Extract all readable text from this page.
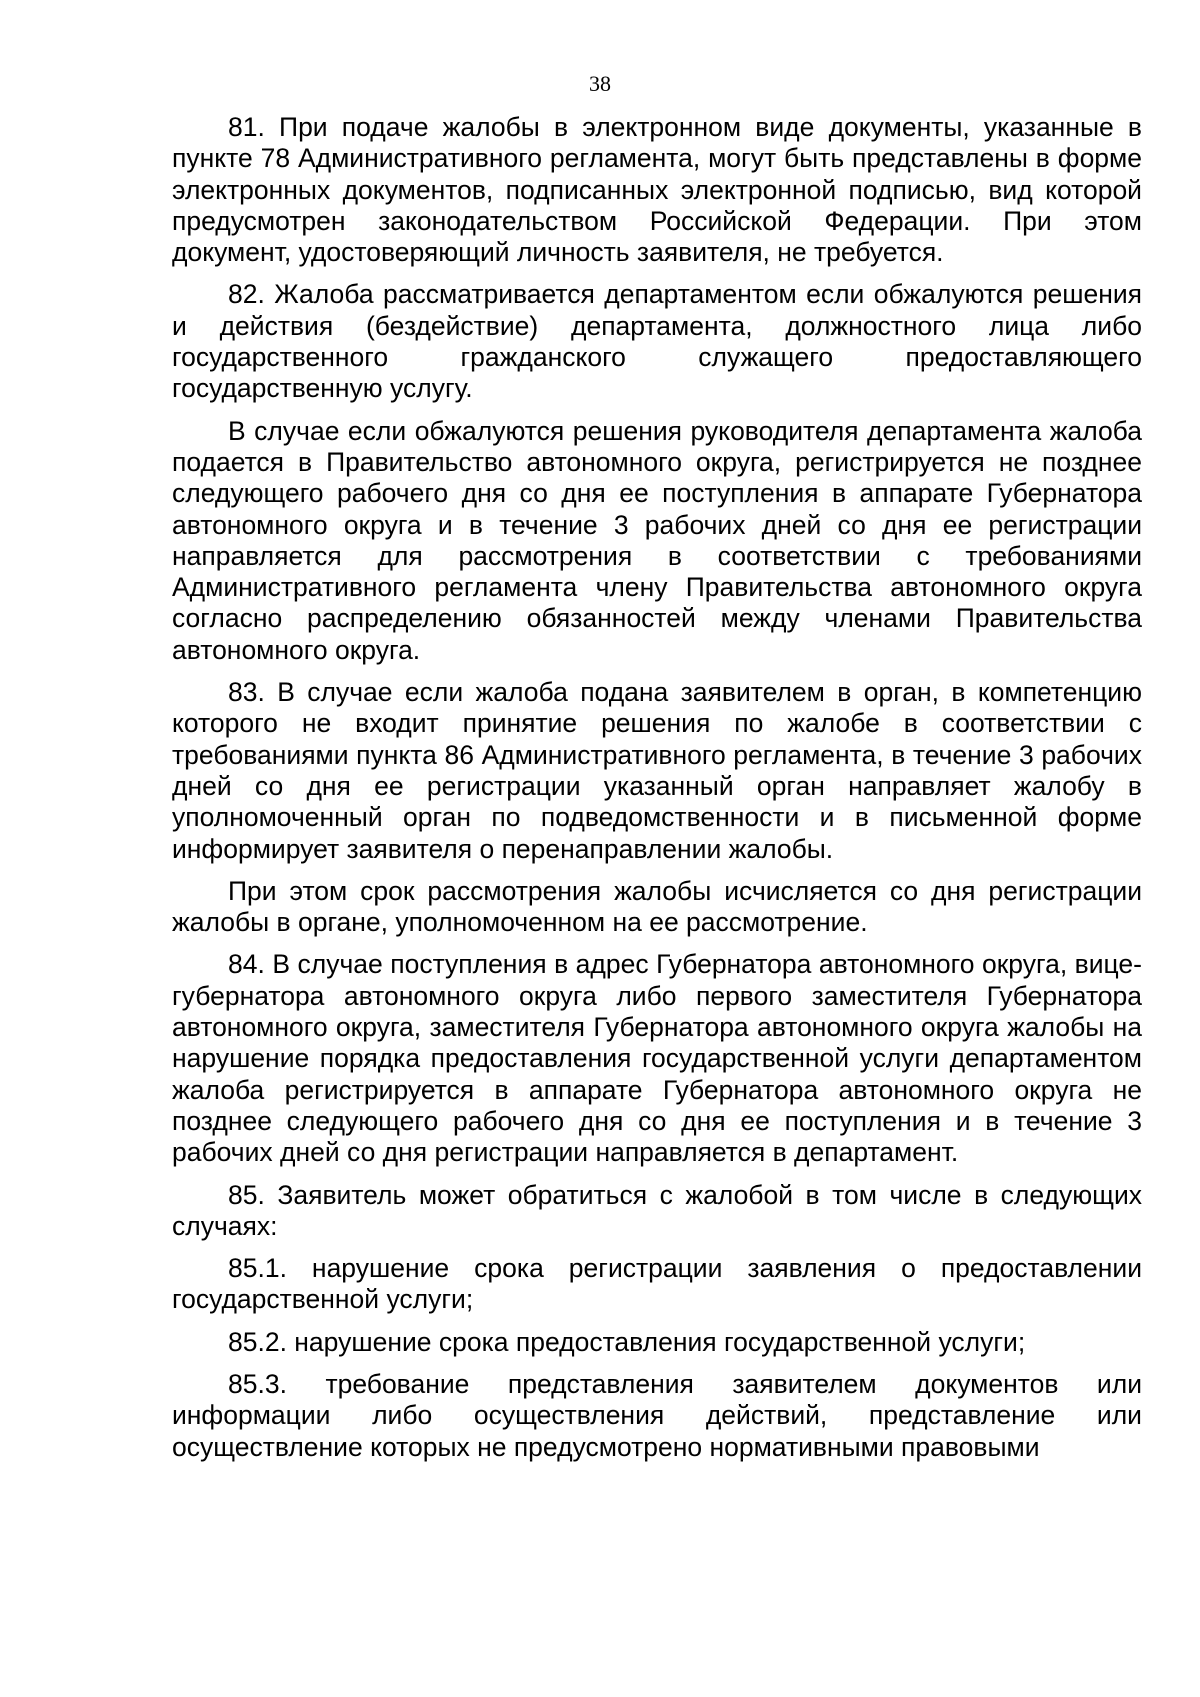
38

81. При подаче жалобы в электронном виде документы, указанные в пункте 78 Административного регламента, могут быть представлены в форме электронных документов, подписанных электронной подписью, вид которой предусмотрен законодательством Российской Федерации. При этом документ, удостоверяющий личность заявителя, не требуется.

82. Жалоба рассматривается департаментом если обжалуются решения и действия (бездействие) департамента, должностного лица либо государственного гражданского служащего предоставляющего государственную услугу.

В случае если обжалуются решения руководителя департамента жалоба подается в Правительство автономного округа, регистрируется не позднее следующего рабочего дня со дня ее поступления в аппарате Губернатора автономного округа и в течение 3 рабочих дней со дня ее регистрации направляется для рассмотрения в соответствии с требованиями Административного регламента члену Правительства автономного округа согласно распределению обязанностей между членами Правительства автономного округа.

83. В случае если жалоба подана заявителем в орган, в компетенцию которого не входит принятие решения по жалобе в соответствии с требованиями пункта 86 Административного регламента, в течение 3 рабочих дней со дня ее регистрации указанный орган направляет жалобу в уполномоченный орган по подведомственности и в письменной форме информирует заявителя о перенаправлении жалобы.

При этом срок рассмотрения жалобы исчисляется со дня регистрации жалобы в органе, уполномоченном на ее рассмотрение.

84. В случае поступления в адрес Губернатора автономного округа, вице-губернатора автономного округа либо первого заместителя Губернатора автономного округа, заместителя Губернатора автономного округа жалобы на нарушение порядка предоставления государственной услуги департаментом жалоба регистрируется в аппарате Губернатора автономного округа не позднее следующего рабочего дня со дня ее поступления и в течение 3 рабочих дней со дня регистрации направляется в департамент.

85. Заявитель может обратиться с жалобой в том числе в следующих случаях:

85.1. нарушение срока регистрации заявления о предоставлении государственной услуги;

85.2. нарушение срока предоставления государственной услуги;

85.3. требование представления заявителем документов или информации либо осуществления действий, представление или осуществление которых не предусмотрено нормативными правовыми
